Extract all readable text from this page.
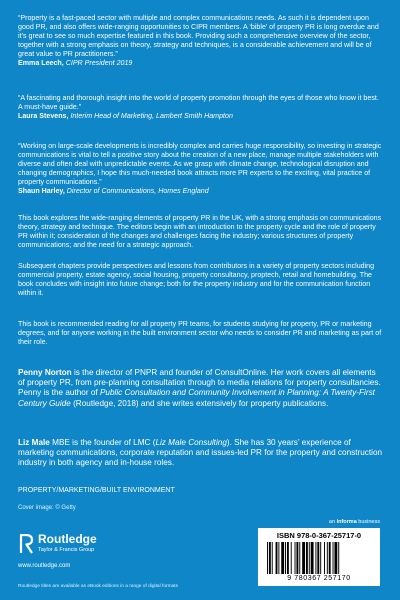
“Property is a fast-paced sector with multiple and complex communications needs. As such it is dependent upon good PR, and also offers wide-ranging opportunities to CIPR members. A ‘bible’ of property PR is long overdue and it’s great to see so much expertise featured in this book. Providing such a comprehensive overview of the sector, together with a strong emphasis on theory, strategy and techniques, is a considerable achievement and will be of great value to PR practitioners.”

Emma Leech, CIPR President 2019

“A fascinating and thorough insight into the world of property promotion through the eyes of those who know it best. A must-have guide.”

Laura Stevens, Interim Head of Marketing, Lambert Smith Hampton

“Working on large-scale developments is incredibly complex and carries huge responsibility, so investing in strategic communications is vital to tell a positive story about the creation of a new place, manage multiple stakeholders with diverse and often deal with unpredictable events. As we grasp with climate change, technological disruption and changing demographics, I hope this much-needed book attracts more PR experts to the exciting, vital practice of property communications.”

Shaun Harley, Director of Communications, Homes England

This book explores the wide-ranging elements of property PR in the UK, with a strong emphasis on communications theory, strategy and technique. The editors begin with an introduction to the property cycle and the role of property PR within it; consideration of the changes and challenges facing the industry; various structures of property communications; and the need for a strategic approach.

Subsequent chapters provide perspectives and lessons from contributors in a variety of property sectors including commercial property, estate agency, social housing, property consultancy, proptech, retail and homebuilding. The book concludes with insight into future change; both for the property industry and for the communication function within it.

This book is recommended reading for all property PR teams, for students studying for property, PR or marketing degrees, and for anyone working in the built environment sector who needs to consider PR and marketing as part of their role.

Penny Norton is the director of PNPR and founder of ConsultOnline. Her work covers all elements of property PR, from pre-planning consultation through to media relations for property consultancies. Penny is the author of Public Consultation and Community Involvement in Planning: A Twenty-First Century Guide (Routledge, 2018) and she writes extensively for property publications.

Liz Male MBE is the founder of LMC (Liz Male Consulting). She has 30 years’ experience of marketing communications, corporate reputation and issues-led PR for the property and construction industry in both agency and in-house roles.

PROPERTY/MARKETING/BUILT ENVIRONMENT
Cover image: © Getty
an informa business
Routledge
Taylor & Francis Group
www.routledge.com
Routledge titles are available as eBook editions in a range of digital formats
ISBN 978-0-367-25717-0
9 780367 257170
